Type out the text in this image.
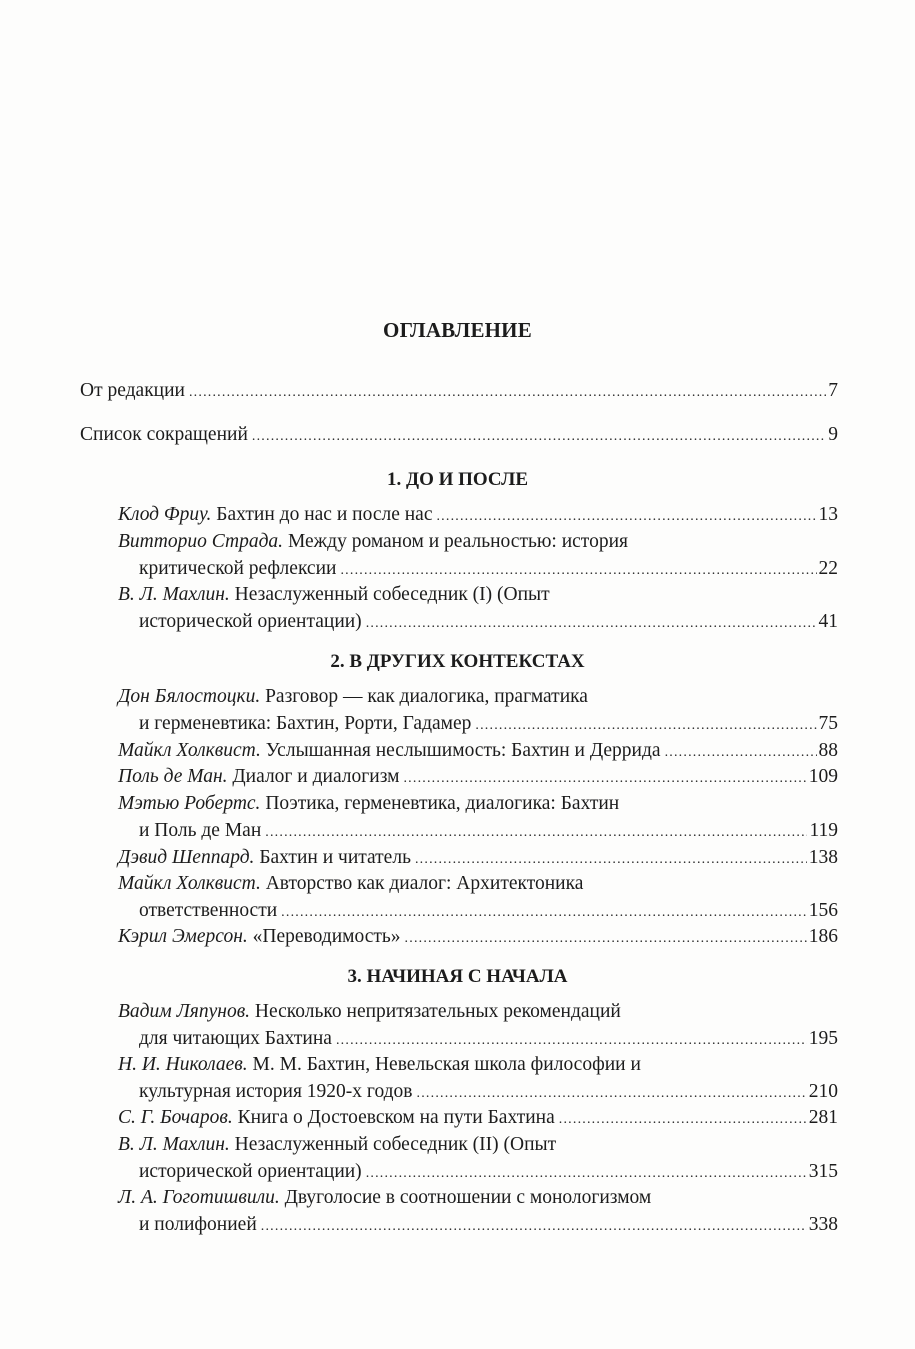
ОГЛАВЛЕНИЕ
От редакции .....	7
Список сокращений .....	9
1. ДО И ПОСЛЕ
Клод Фриу. Бахтин до нас и после нас .....	13
Витторио Страда. Между романом и реальностью: история
критической рефлексии .....	22
В. Л. Махлин. Незаслуженный собеседник (I) (Опыт
исторической ориентации) .....	41
2. В ДРУГИХ КОНТЕКСТАХ
Дон Бялостоцки. Разговор — как диалогика, прагматика
и герменевтика: Бахтин, Рорти, Гадамер .....	75
Майкл Холквист. Услышанная неслышимость: Бахтин и Деррида .....	88
Поль де Ман. Диалог и диалогизм .....	109
Мэтью Робертс. Поэтика, герменевтика, диалогика: Бахтин
и Поль де Ман .....	119
Дэвид Шеппард. Бахтин и читатель .....	138
Майкл Холквист. Авторство как диалог: Архитектоника
ответственности .....	156
Кэрил Эмерсон. «Переводимость» .....	186
3. НАЧИНАЯ С НАЧАЛА
Вадим Ляпунов. Несколько непритязательных рекомендаций
для читающих Бахтина .....	195
Н. И. Николаев. М. М. Бахтин, Невельская школа философии и
культурная история 1920-х годов .....	210
С. Г. Бочаров. Книга о Достоевском на пути Бахтина .....	281
В. Л. Махлин. Незаслуженный собеседник (II) (Опыт
исторической ориентации) .....	315
Л. А. Гоготишвили. Двуголосие в соотношении с монологизмом
и полифонией .....	338
